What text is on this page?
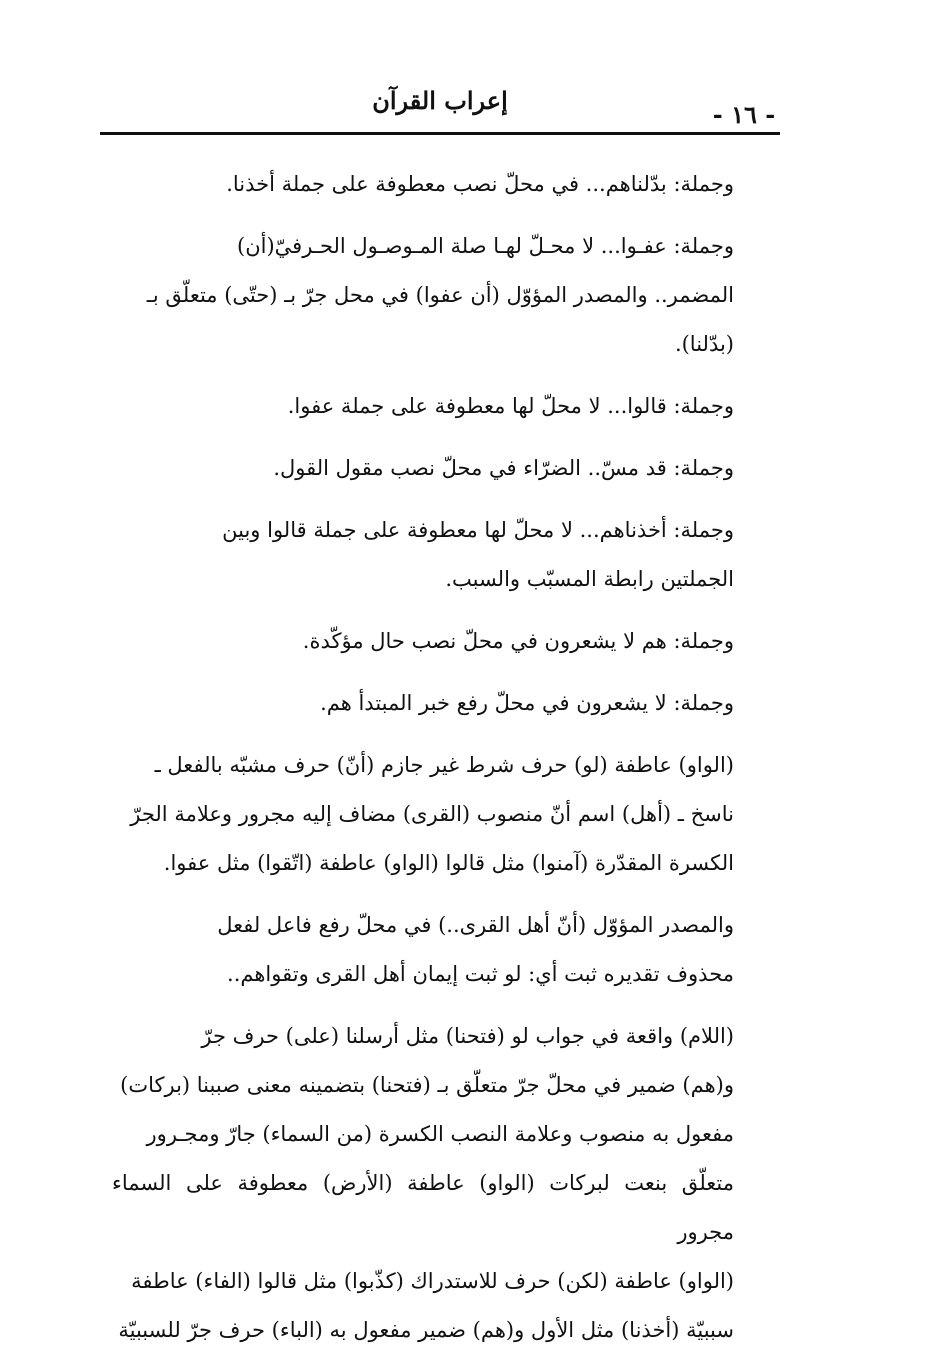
إعراب القرآن	- ١٦ -

وجملة: بدّلناهم... في محلّ نصب معطوفة على جملة أخذنا.

وجملة: عفـوا... لا محـلّ لهـا صلة المـوصـول الحـرفيّ(أن)
المضمر.. والمصدر المؤوّل (أن عفوا) في محل جرّ بـ (حتّى) متعلّق بـ
(بدّلنا).

وجملة: قالوا... لا محلّ لها معطوفة على جملة عفوا.

وجملة: قد مسّ.. الضرّاء في محلّ نصب مقول القول.

وجملة: أخذناهم... لا محلّ لها معطوفة على جملة قالوا وبين
الجملتين رابطة المسبّب والسبب.

وجملة: هم لا يشعرون في محلّ نصب حال مؤكّدة.

وجملة: لا يشعرون في محلّ رفع خبر المبتدأ هم.

(الواو) عاطفة (لو) حرف شرط غير جازم (أنّ) حرف مشبّه بالفعل ـ
ناسخ ـ (أهل) اسم أنّ منصوب (القرى) مضاف إليه مجرور وعلامة الجرّ
الكسرة المقدّرة (آمنوا) مثل قالوا (الواو) عاطفة (اتّقوا) مثل عفوا.

والمصدر المؤوّل (أنّ أهل القرى..) في محلّ رفع فاعل لفعل
محذوف تقديره ثبت أي: لو ثبت إيمان أهل القرى وتقواهم..

(اللام) واقعة في جواب لو (فتحنا) مثل أرسلنا (على) حرف جرّ
و(هم) ضمير في محلّ جرّ متعلّق بـ (فتحنا) بتضمينه معنى صببنا (بركات)
مفعول به منصوب وعلامة النصب الكسرة (من السماء) جارّ ومجـرور
متعلّق بنعت لبركات (الواو) عاطفة (الأرض) معطوفة على السماء مجرور
(الواو) عاطفة (لكن) حرف للاستدراك (كذّبوا) مثل قالوا (الفاء) عاطفة
سببيّة (أخذنا) مثل الأول و(هم) ضمير مفعول به (الباء) حرف جرّ للسببيّة
